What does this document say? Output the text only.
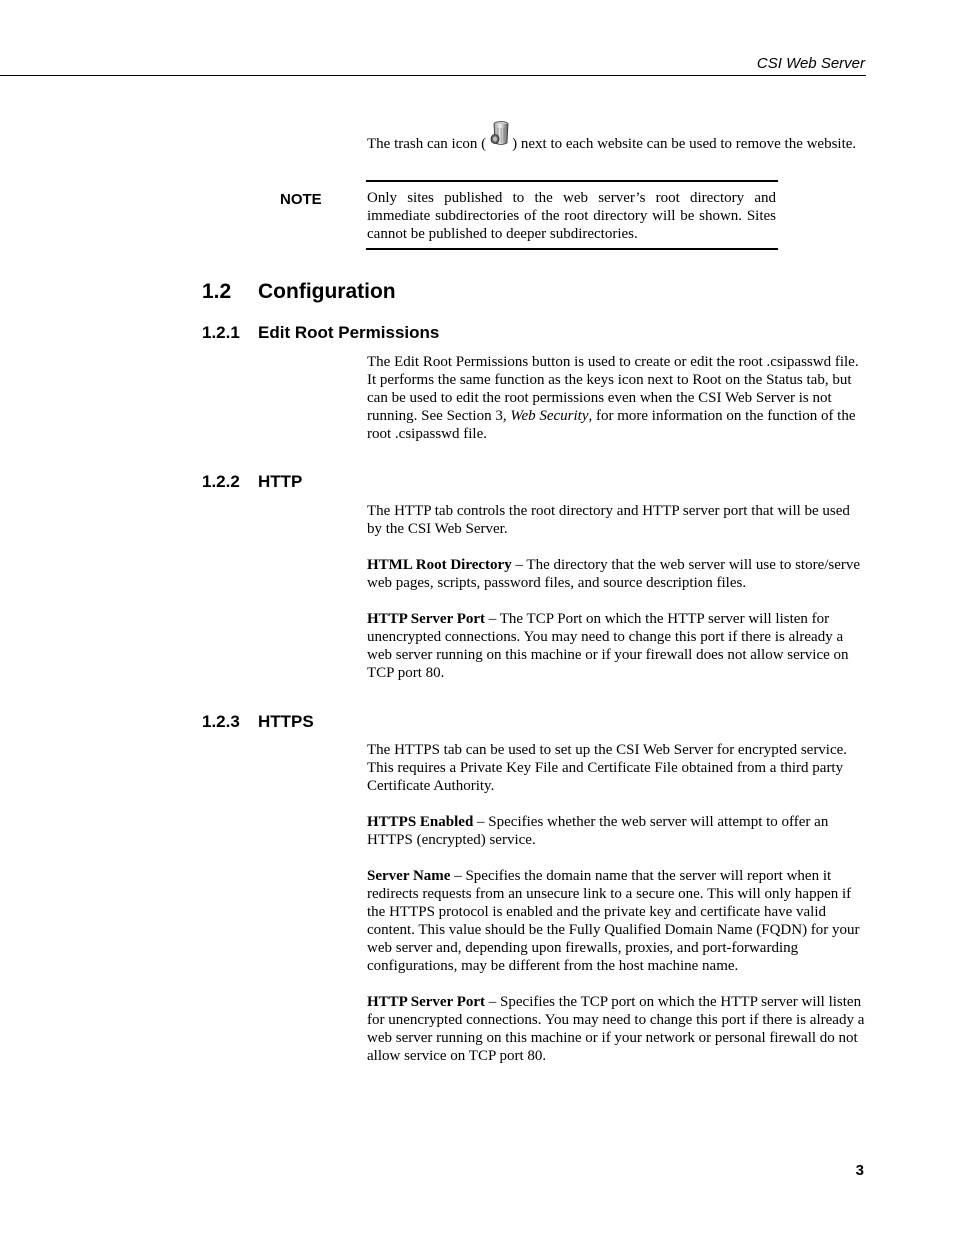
CSI Web Server

The trash can icon ( ) next to each website can be used to remove the website.

NOTE	Only sites published to the web server’s root directory and immediate subdirectories of the root directory will be shown. Sites cannot be published to deeper subdirectories.
1.2 Configuration
1.2.1 Edit Root Permissions

The Edit Root Permissions button is used to create or edit the root .csipasswd file. It performs the same function as the keys icon next to Root on the Status tab, but can be used to edit the root permissions even when the CSI Web Server is not running. See Section 3, Web Security, for more information on the function of the root .csipasswd file.

1.2.2 HTTP

The HTTP tab controls the root directory and HTTP server port that will be used by the CSI Web Server.

HTML Root Directory – The directory that the web server will use to store/serve web pages, scripts, password files, and source description files.

HTTP Server Port – The TCP Port on which the HTTP server will listen for unencrypted connections. You may need to change this port if there is already a web server running on this machine or if your firewall does not allow service on TCP port 80.

1.2.3 HTTPS

The HTTPS tab can be used to set up the CSI Web Server for encrypted service. This requires a Private Key File and Certificate File obtained from a third party Certificate Authority.

HTTPS Enabled – Specifies whether the web server will attempt to offer an HTTPS (encrypted) service.

Server Name – Specifies the domain name that the server will report when it redirects requests from an unsecure link to a secure one. This will only happen if the HTTPS protocol is enabled and the private key and certificate have valid content. This value should be the Fully Qualified Domain Name (FQDN) for your web server and, depending upon firewalls, proxies, and port-forwarding configurations, may be different from the host machine name.

HTTP Server Port – Specifies the TCP port on which the HTTP server will listen for unencrypted connections. You may need to change this port if there is already a web server running on this machine or if your network or personal firewall do not allow service on TCP port 80.

3
